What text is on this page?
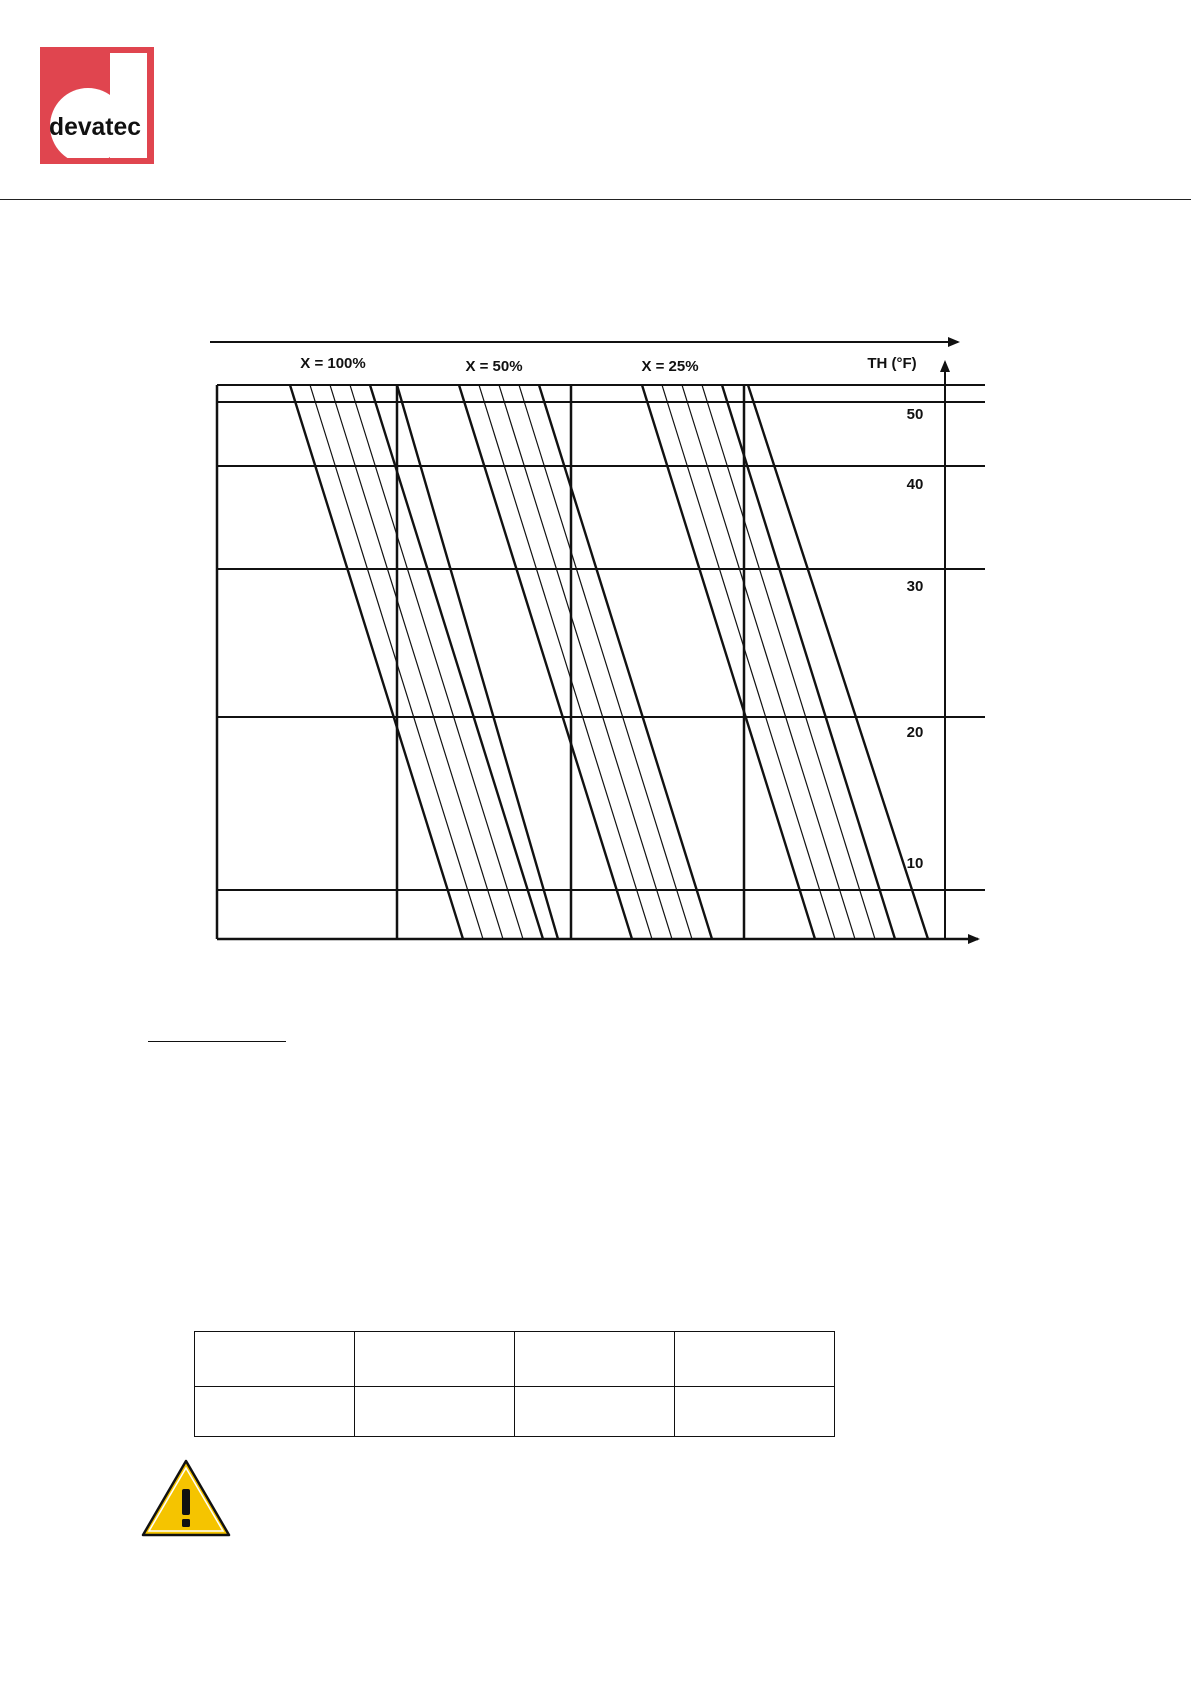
devatec
X = 100%	X = 50%	X = 25%	TH (°F)
50
40
30
20
10
